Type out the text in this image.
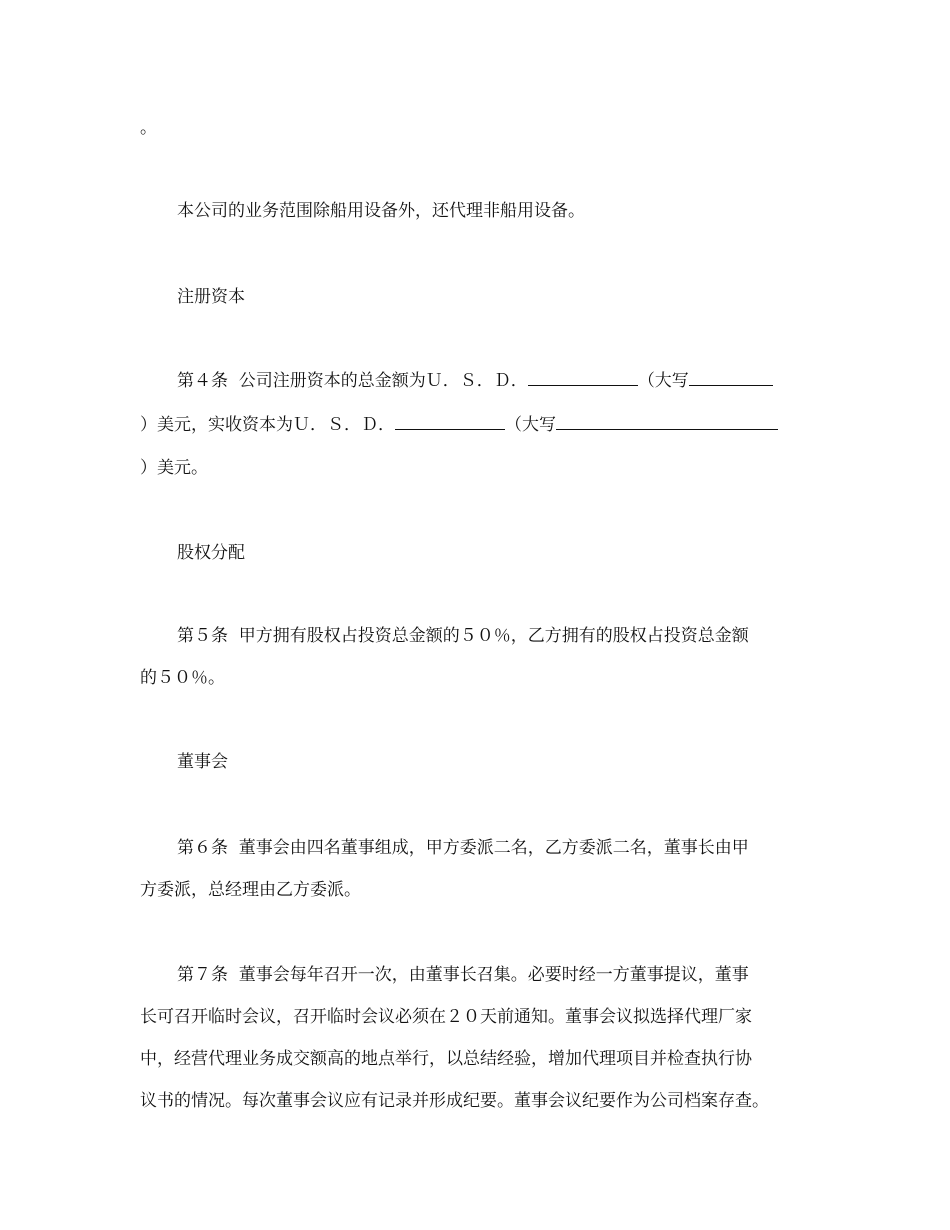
。
本公司的业务范围除船用设备外，还代理非船用设备。
注册资本
第４条  公司注册资本的总金额为Ｕ．Ｓ．Ｄ．	（大写
）美元，实收资本为Ｕ．Ｓ．Ｄ．	（大写
）美元。
股权分配
第５条  甲方拥有股权占投资总金额的５０％，乙方拥有的股权占投资总金额
的５０％。
董事会
第６条  董事会由四名董事组成，甲方委派二名，乙方委派二名，董事长由甲
方委派，总经理由乙方委派。
第７条  董事会每年召开一次，由董事长召集。必要时经一方董事提议，董事
长可召开临时会议，召开临时会议必须在２０天前通知。董事会议拟选择代理厂家
中，经营代理业务成交额高的地点举行，以总结经验，增加代理项目并检查执行协
议书的情况。每次董事会议应有记录并形成纪要。董事会议纪要作为公司档案存查。
